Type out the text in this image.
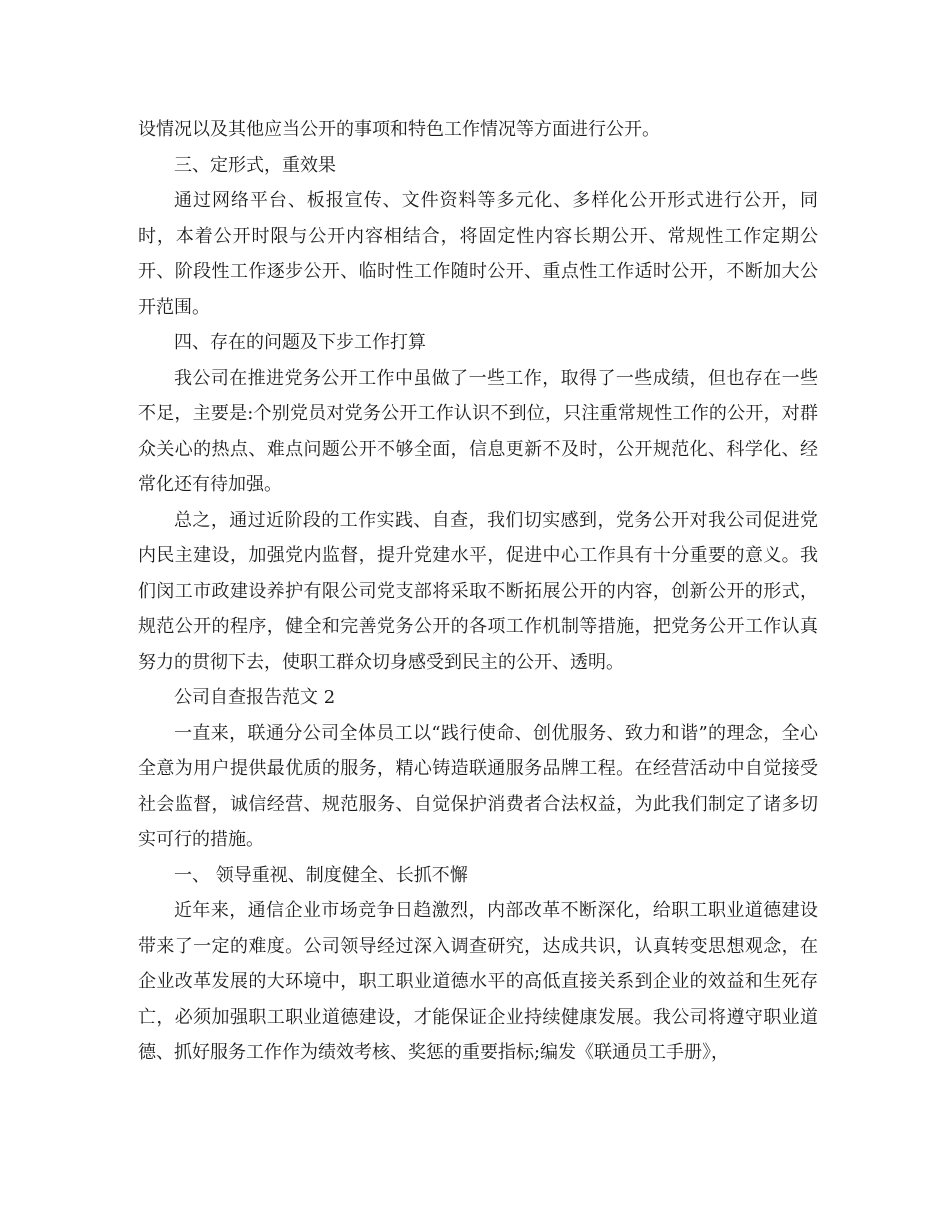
设情况以及其他应当公开的事项和特色工作情况等方面进行公开。

三、定形式，重效果

通过网络平台、板报宣传、文件资料等多元化、多样化公开形式进行公开，同时，本着公开时限与公开内容相结合，将固定性内容长期公开、常规性工作定期公开、阶段性工作逐步公开、临时性工作随时公开、重点性工作适时公开，不断加大公开范围。

四、存在的问题及下步工作打算

我公司在推进党务公开工作中虽做了一些工作，取得了一些成绩，但也存在一些不足，主要是:个别党员对党务公开工作认识不到位，只注重常规性工作的公开，对群众关心的热点、难点问题公开不够全面，信息更新不及时，公开规范化、科学化、经常化还有待加强。

总之，通过近阶段的工作实践、自查，我们切实感到，党务公开对我公司促进党内民主建设，加强党内监督，提升党建水平，促进中心工作具有十分重要的意义。我们闵工市政建设养护有限公司党支部将采取不断拓展公开的内容，创新公开的形式，规范公开的程序，健全和完善党务公开的各项工作机制等措施，把党务公开工作认真努力的贯彻下去，使职工群众切身感受到民主的公开、透明。

公司自查报告范文 2

一直来，联通分公司全体员工以“践行使命、创优服务、致力和谐”的理念，全心全意为用户提供最优质的服务，精心铸造联通服务品牌工程。在经营活动中自觉接受社会监督，诚信经营、规范服务、自觉保护消费者合法权益，为此我们制定了诸多切实可行的措施。

一、 领导重视、制度健全、长抓不懈

近年来，通信企业市场竞争日趋激烈，内部改革不断深化，给职工职业道德建设带来了一定的难度。公司领导经过深入调查研究，达成共识，认真转变思想观念，在企业改革发展的大环境中，职工职业道德水平的高低直接关系到企业的效益和生死存亡，必须加强职工职业道德建设，才能保证企业持续健康发展。我公司将遵守职业道德、抓好服务工作作为绩效考核、奖惩的重要指标;编发《联通员工手册》，
